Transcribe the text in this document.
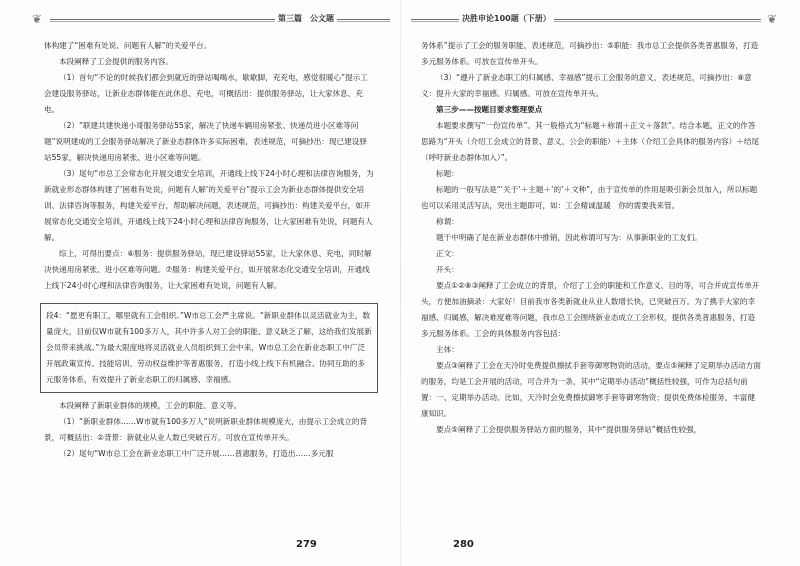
❦	第三篇　公文题
体构建了“困难有处说、问题有人解”的关爱平台。
本段阐释了工会提供的服务内容。
（1）首句“不论的时候我们都会到就近的驿站喝喝水，歇歇脚，充充电，感觉很暖心”提示工会建设服务驿站，让新业态群体能在此休息、充电，可概括出：提供服务驿站，让大家休息、充电。
（2）“联建共建快递小哥服务驿站55家，解决了快递车辆用房紧张、快递员进小区难等问题”说明建成的工会服务驿站解决了新业态群体许多实际困难，表述规范，可摘抄出：现已建设驿站55家，解决快递用房紧张、进小区难等问题。
（3）尾句“市总工会常态化开展交通安全培训，开通线上线下24小时心理和法律咨询服务，为新就业形态群体构建了‘困难有处说，问题有人解’的关爱平台”提示工会为新业态群体提供安全培训、法律咨询等服务，构建关爱平台，帮助解决问题，表述规范，可摘抄出：构建关爱平台，如开展常态化交通安全培训，开通线上线下24小时心理和法律咨询服务，让大家困难有处说，问题有人解。
综上，可得出要点：⑥服务：提供服务驿站，现已建设驿站55家，让大家休息、充电，同时解决快递用房紧张、进小区难等问题。⑦服务：构建关爱平台，如开展常态化交通安全培训，开通线上线下24小时心理和法律咨询服务，让大家困难有处说，问题有人解。
段4：“愿更有职工，哪里就有工会组织。”W市总工会严主席说。“新职业群体以灵活就业为主，数量庞大，目前仅W市就有100多万人，其中许多人对工会的职能、意义缺乏了解，这给我们发展新会员带来挑战。”为最大限度地将灵活就业人员组织到工会中来，W市总工会在新业态职工中广泛开展政策宣传、技能培训、劳动权益维护等普惠服务，打造小线上线下有机融合、协同互助的多元服务体系，有效提升了新业态职工的归属感、幸福感。
本段阐释了新职业群体的规模，工会的职能、意义等。
（1）“新职业群体……W市就有100多万人”说明新职业群体规模庞大，由提示工会成立的背景，可概括出：②背景：新就业从业人数已突破百万。可放在宣传单开头。
（2）尾句“W市总工会在新业态职工中广泛开展……普惠服务，打造出……多元服
279
决胜申论100题（下册）	❦
务体系”提示了工会的服务职能，表述规范，可摘抄出：⑤职能：我市总工会提供各类普惠服务，打造多元服务体系。可放在宣传单开头。
（3）“遵升了新业态职工的归属感、幸福感”提示工会服务的意义，表述规范，可摘抄出：⑧意义：提升大家的幸福感、归属感。可放在宣传单开头。
第三步——按题目要求整理要点
本题要求撰写“一份宣传单”。其一般格式为“标题＋称谓＋正文＋落款”。结合本题，正文的作答思路为“开头（介绍工会成立的背景、意义，公会的职能）＋主体（介绍工会具体的服务内容）＋结尾（呼吁新业态群体加入）”。
标题：
标题的一般写法是“‘关于’＋主题＋‘的’＋文种”，由于宣传单的作用是吸引新会员加入，所以标题也可以采用灵活写法，突出主题即可，如：工会精诚温暖　你的需要我来管。
称谓：
题干中明确了是在新业态群体中推销，因此称谓可写为：从事新职业的工友们。
正文：
开头：
要点①②⑧③阐释了工会成立的背景，介绍了工会的职能和工作意义、目的等，可合并成宣传单开头，方便加油摘录：大家好！目前我市各类新就业从业人数增长快，已突破百万。为了携手大家的幸福感、归属感，解决难度难等问题，我市总工会围绕新业态成立工会形权，提供各类普惠服务，打造多元服务体系。工会的具体服务内容包括：
主体：
要点③阐释了工会在天冷时免费提供擦拭手套等御寒物资的活动，要点⑤阐释了定期举办活动方面的服务，均是工会开展的活动，可合并为一条，其中“定期举办活动”概括性较强，可作为总括句前置：一、定期举办活动。比如，天冷时会免费擦拭御寒手套等御寒物资；提供免费体检服务，丰富健康知识。
要点⑤阐释了工会提供服务驿站方面的服务，其中“提供服务驿站”概括性较强，
280
